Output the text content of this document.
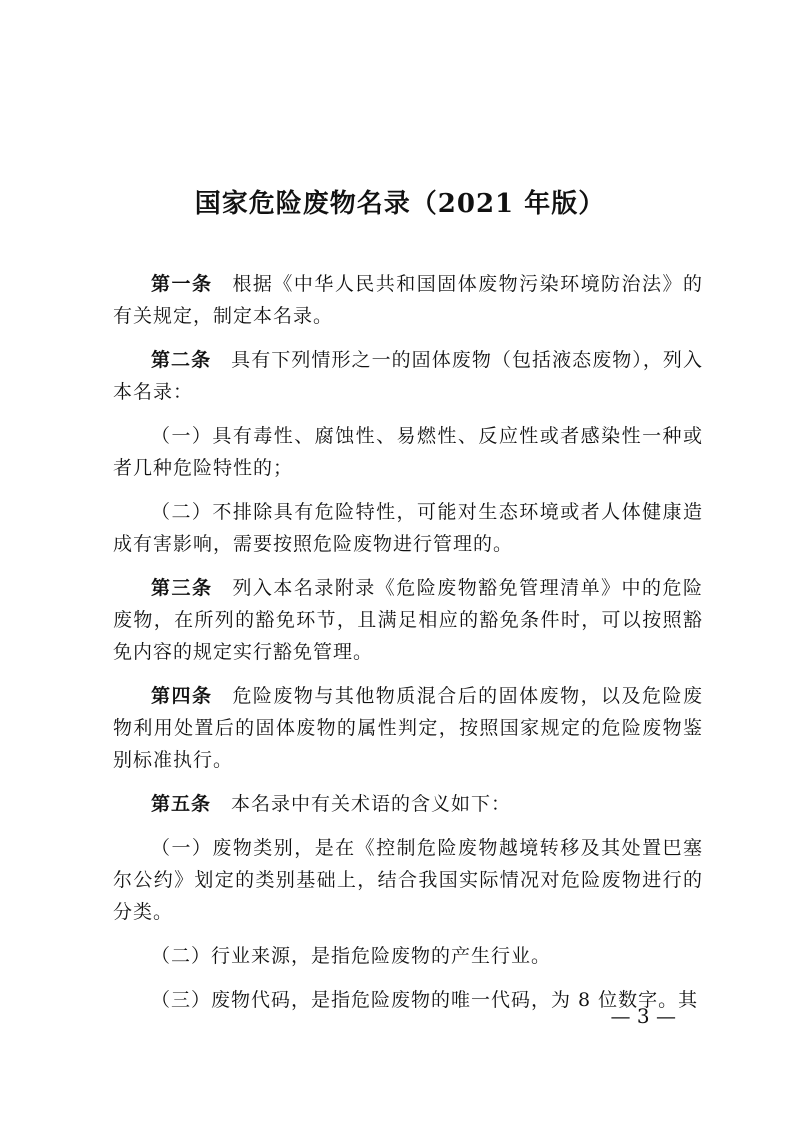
国家危险废物名录（2021 年版）

第一条 根据《中华人民共和国固体废物污染环境防治法》的有关规定，制定本名录。

第二条 具有下列情形之一的固体废物（包括液态废物），列入本名录：

（一）具有毒性、腐蚀性、易燃性、反应性或者感染性一种或者几种危险特性的；

（二）不排除具有危险特性，可能对生态环境或者人体健康造成有害影响，需要按照危险废物进行管理的。

第三条 列入本名录附录《危险废物豁免管理清单》中的危险废物，在所列的豁免环节，且满足相应的豁免条件时，可以按照豁免内容的规定实行豁免管理。

第四条 危险废物与其他物质混合后的固体废物，以及危险废物利用处置后的固体废物的属性判定，按照国家规定的危险废物鉴别标准执行。

第五条 本名录中有关术语的含义如下：

（一）废物类别，是在《控制危险废物越境转移及其处置巴塞尔公约》划定的类别基础上，结合我国实际情况对危险废物进行的分类。

（二）行业来源，是指危险废物的产生行业。

（三）废物代码，是指危险废物的唯一代码，为 8 位数字。其

— 3 —
